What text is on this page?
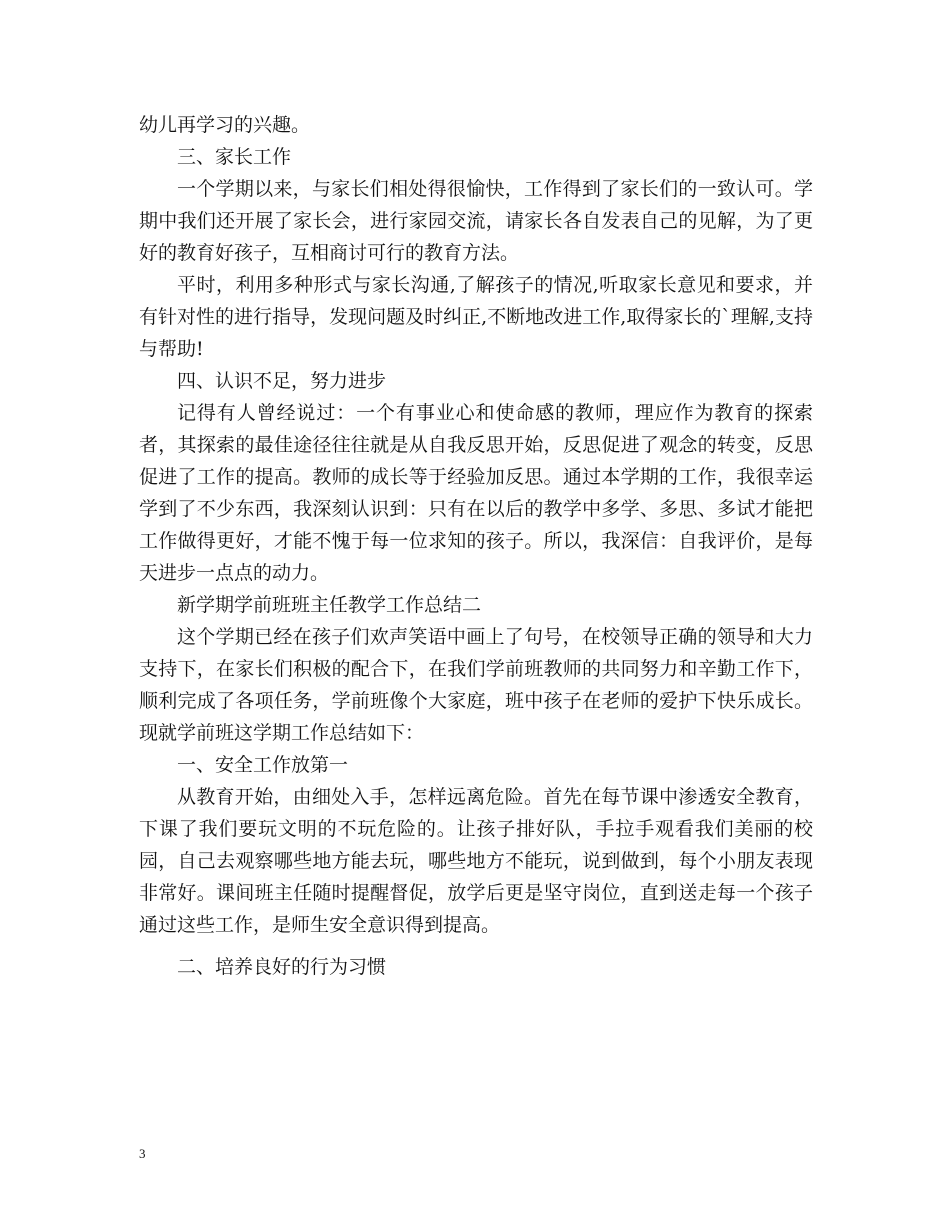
幼儿再学习的兴趣。

三、家长工作

一个学期以来，与家长们相处得很愉快，工作得到了家长们的一致认可。学期中我们还开展了家长会，进行家园交流，请家长各自发表自己的见解，为了更好的教育好孩子，互相商讨可行的教育方法。

平时，利用多种形式与家长沟通,了解孩子的情况,听取家长意见和要求，并有针对性的进行指导，发现问题及时纠正,不断地改进工作,取得家长的`理解,支持与帮助!

四、认识不足，努力进步

记得有人曾经说过：一个有事业心和使命感的教师，理应作为教育的探索者，其探索的最佳途径往往就是从自我反思开始，反思促进了观念的转变，反思促进了工作的提高。教师的成长等于经验加反思。通过本学期的工作，我很幸运学到了不少东西，我深刻认识到：只有在以后的教学中多学、多思、多试才能把工作做得更好，才能不愧于每一位求知的孩子。所以，我深信：自我评价，是每天进步一点点的动力。

新学期学前班班主任教学工作总结二

这个学期已经在孩子们欢声笑语中画上了句号，在校领导正确的领导和大力支持下，在家长们积极的配合下，在我们学前班教师的共同努力和辛勤工作下，顺利完成了各项任务，学前班像个大家庭，班中孩子在老师的爱护下快乐成长。现就学前班这学期工作总结如下：

一、安全工作放第一

从教育开始，由细处入手，怎样远离危险。首先在每节课中渗透安全教育，下课了我们要玩文明的不玩危险的。让孩子排好队，手拉手观看我们美丽的校园，自己去观察哪些地方能去玩，哪些地方不能玩，说到做到，每个小朋友表现非常好。课间班主任随时提醒督促，放学后更是坚守岗位，直到送走每一个孩子通过这些工作，是师生安全意识得到提高。

二、培养良好的行为习惯

3
